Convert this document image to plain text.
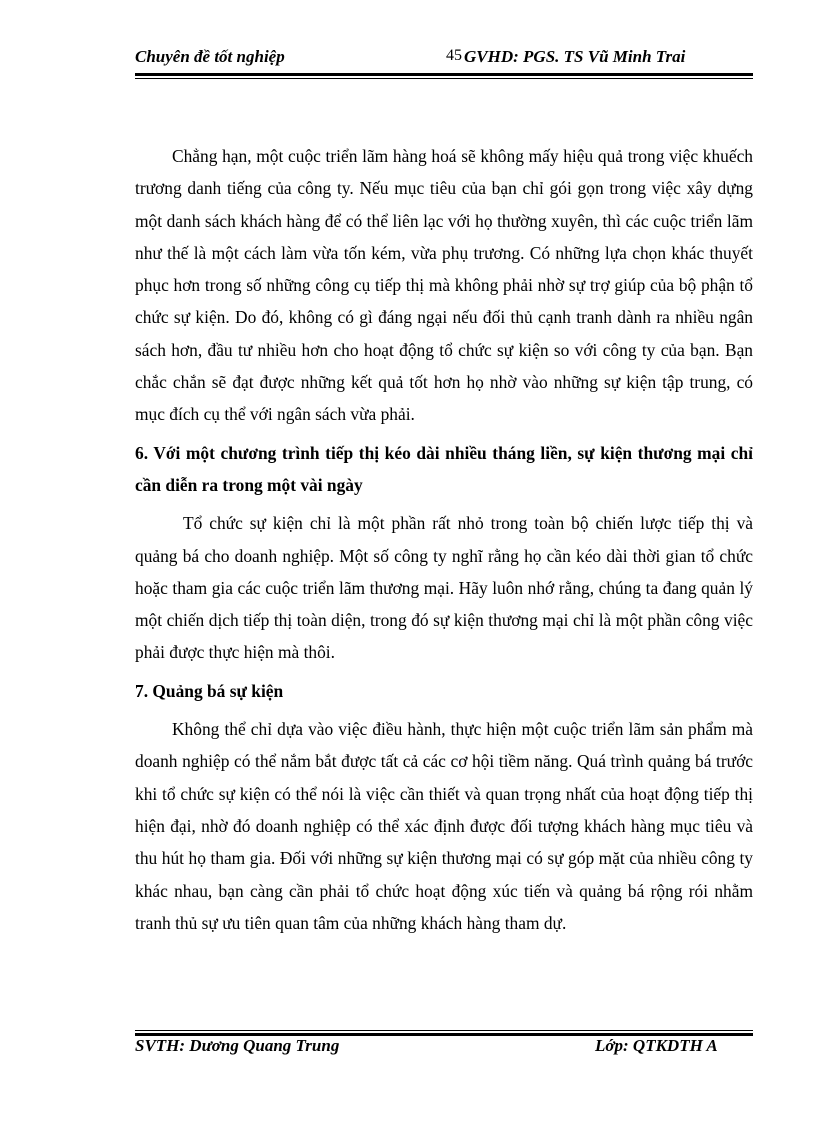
Chuyên đề tốt nghiệp	45 GVHD: PGS. TS Vũ Minh Trai

Chẳng hạn, một cuộc triển lãm hàng hoá sẽ không mấy hiệu quả trong việc khuếch trương danh tiếng của công ty. Nếu mục tiêu của bạn chỉ gói gọn trong việc xây dựng một danh sách khách hàng để có thể liên lạc với họ thường xuyên, thì các cuộc triển lãm như thế là một cách làm vừa tốn kém, vừa phụ trương. Có những lựa chọn khác thuyết phục hơn trong số những công cụ tiếp thị mà không phải nhờ sự trợ giúp của bộ phận tổ chức sự kiện. Do đó, không có gì đáng ngại nếu đối thủ cạnh tranh dành ra nhiều ngân sách hơn, đầu tư nhiều hơn cho hoạt động tổ chức sự kiện so với công ty của bạn. Bạn chắc chắn sẽ đạt được những kết quả tốt hơn họ nhờ vào những sự kiện tập trung, có mục đích cụ thể với ngân sách vừa phải.

6. Với một chương trình tiếp thị kéo dài nhiều tháng liền, sự kiện thương mại chỉ cần diễn ra trong một vài ngày

Tổ chức sự kiện chỉ là một phần rất nhỏ trong toàn bộ chiến lược tiếp thị và quảng bá cho doanh nghiệp. Một số công ty nghĩ rằng họ cần kéo dài thời gian tổ chức hoặc tham gia các cuộc triển lãm thương mại. Hãy luôn nhớ rằng, chúng ta đang quản lý một chiến dịch tiếp thị toàn diện, trong đó sự kiện thương mại chỉ là một phần công việc phải được thực hiện mà thôi.

7. Quảng bá sự kiện

Không thể chỉ dựa vào việc điều hành, thực hiện một cuộc triển lãm sản phẩm mà doanh nghiệp có thể nắm bắt được tất cả các cơ hội tiềm năng. Quá trình quảng bá trước khi tổ chức sự kiện có thể nói là việc cần thiết và quan trọng nhất của hoạt động tiếp thị hiện đại, nhờ đó doanh nghiệp có thể xác định được đối tượng khách hàng mục tiêu và thu hút họ tham gia. Đối với những sự kiện thương mại có sự góp mặt của nhiều công ty khác nhau, bạn càng cần phải tổ chức hoạt động xúc tiến và quảng bá rộng rói nhằm tranh thủ sự ưu tiên quan tâm của những khách hàng tham dự.

SVTH: Dương Quang Trung	Lớp: QTKDTH A
